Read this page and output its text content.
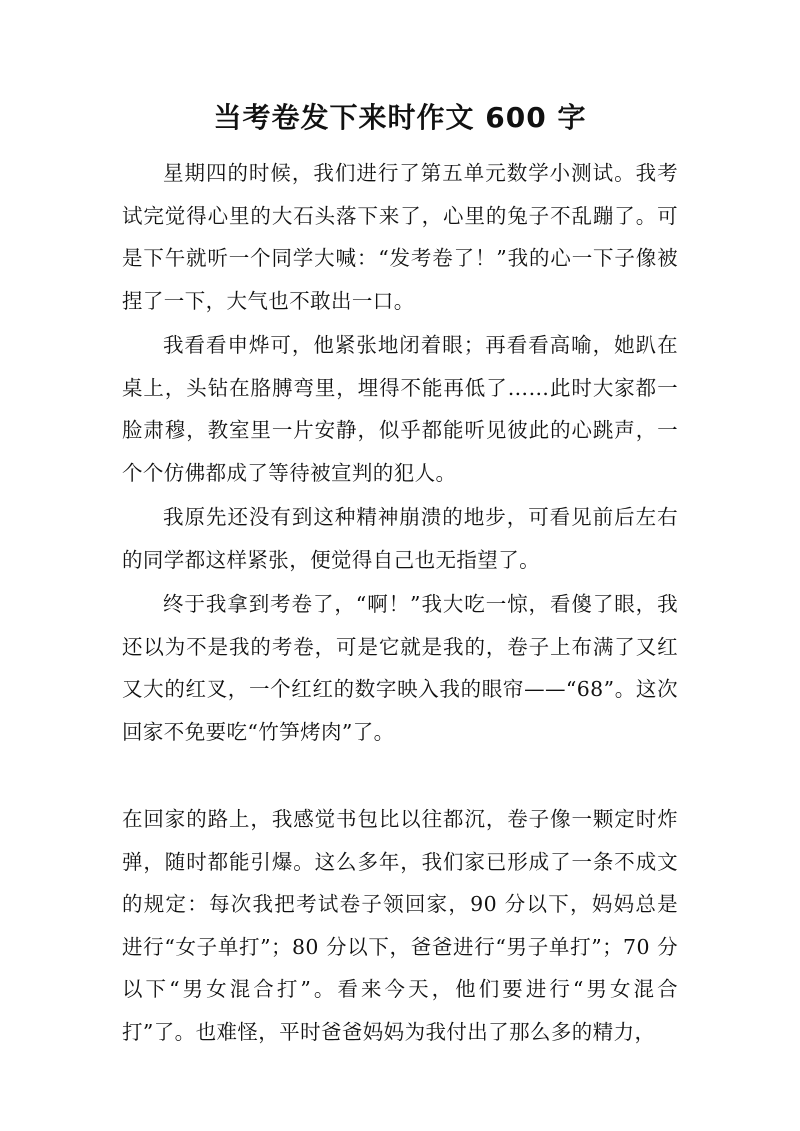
当考卷发下来时作文 600 字

星期四的时候，我们进行了第五单元数学小测试。我考试完觉得心里的大石头落下来了，心里的兔子不乱蹦了。可是下午就听一个同学大喊：“发考卷了！”我的心一下子像被捏了一下，大气也不敢出一口。

我看看申烨可，他紧张地闭着眼；再看看高喻，她趴在桌上，头钻在胳膊弯里，埋得不能再低了……此时大家都一脸肃穆，教室里一片安静，似乎都能听见彼此的心跳声，一个个仿佛都成了等待被宣判的犯人。

我原先还没有到这种精神崩溃的地步，可看见前后左右的同学都这样紧张，便觉得自己也无指望了。

终于我拿到考卷了，“啊！”我大吃一惊，看傻了眼，我还以为不是我的考卷，可是它就是我的，卷子上布满了又红又大的红叉，一个红红的数字映入我的眼帘——“68”。这次回家不免要吃“竹笋烤肉”了。

在回家的路上，我感觉书包比以往都沉，卷子像一颗定时炸弹，随时都能引爆。这么多年，我们家已形成了一条不成文的规定：每次我把考试卷子领回家，90 分以下，妈妈总是进行“女子单打”；80 分以下，爸爸进行“男子单打”；70 分以下“男女混合打”。看来今天，他们要进行“男女混合打”了。也难怪，平时爸爸妈妈为我付出了那么多的精力，
